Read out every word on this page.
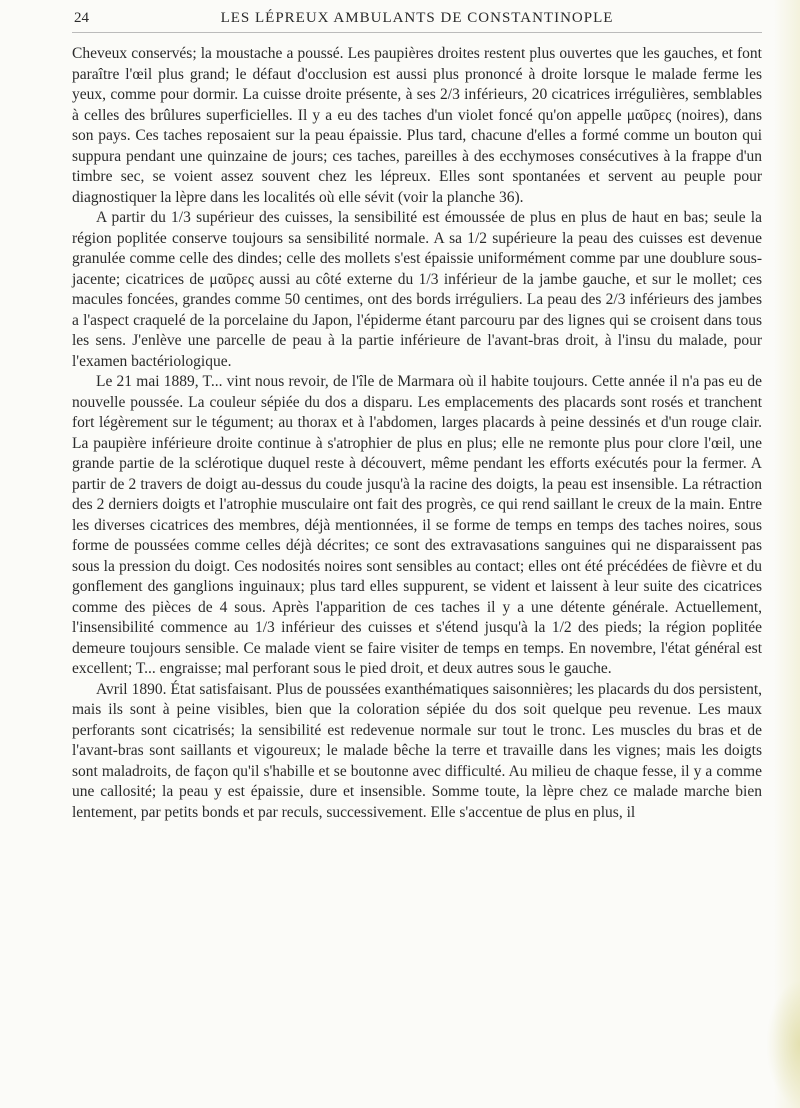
24	LES LÉPREUX AMBULANTS DE CONSTANTINOPLE

Cheveux conservés; la moustache a poussé. Les paupières droites restent plus ouvertes que les gauches, et font paraître l'œil plus grand; le défaut d'occlusion est aussi plus prononcé à droite lorsque le malade ferme les yeux, comme pour dormir. La cuisse droite présente, à ses 2/3 inférieurs, 20 cicatrices irrégulières, semblables à celles des brûlures superficielles. Il y a eu des taches d'un violet foncé qu'on appelle μαῦρες (noires), dans son pays. Ces taches reposaient sur la peau épaissie. Plus tard, chacune d'elles a formé comme un bouton qui suppura pendant une quinzaine de jours; ces taches, pareilles à des ecchymoses consécutives à la frappe d'un timbre sec, se voient assez souvent chez les lépreux. Elles sont spontanées et servent au peuple pour diagnostiquer la lèpre dans les localités où elle sévit (voir la planche 36).

A partir du 1/3 supérieur des cuisses, la sensibilité est émoussée de plus en plus de haut en bas; seule la région poplitée conserve toujours sa sensibilité normale. A sa 1/2 supérieure la peau des cuisses est devenue granulée comme celle des dindes; celle des mollets s'est épaissie uniformément comme par une doublure sous-jacente; cicatrices de μαῦρες aussi au côté externe du 1/3 inférieur de la jambe gauche, et sur le mollet; ces macules foncées, grandes comme 50 centimes, ont des bords irréguliers. La peau des 2/3 inférieurs des jambes a l'aspect craquelé de la porcelaine du Japon, l'épiderme étant parcouru par des lignes qui se croisent dans tous les sens. J'enlève une parcelle de peau à la partie inférieure de l'avant-bras droit, à l'insu du malade, pour l'examen bactériologique.

Le 21 mai 1889, T... vint nous revoir, de l'île de Marmara où il habite toujours. Cette année il n'a pas eu de nouvelle poussée. La couleur sépiée du dos a disparu. Les emplacements des placards sont rosés et tranchent fort légèrement sur le tégument; au thorax et à l'abdomen, larges placards à peine dessinés et d'un rouge clair. La paupière inférieure droite continue à s'atrophier de plus en plus; elle ne remonte plus pour clore l'œil, une grande partie de la sclérotique duquel reste à découvert, même pendant les efforts exécutés pour la fermer. A partir de 2 travers de doigt au-dessus du coude jusqu'à la racine des doigts, la peau est insensible. La rétraction des 2 derniers doigts et l'atrophie musculaire ont fait des progrès, ce qui rend saillant le creux de la main. Entre les diverses cicatrices des membres, déjà mentionnées, il se forme de temps en temps des taches noires, sous forme de poussées comme celles déjà décrites; ce sont des extravasations sanguines qui ne disparaissent pas sous la pression du doigt. Ces nodosités noires sont sensibles au contact; elles ont été précédées de fièvre et du gonflement des ganglions inguinaux; plus tard elles suppurent, se vident et laissent à leur suite des cicatrices comme des pièces de 4 sous. Après l'apparition de ces taches il y a une détente générale. Actuellement, l'insensibilité commence au 1/3 inférieur des cuisses et s'étend jusqu'à la 1/2 des pieds; la région poplitée demeure toujours sensible. Ce malade vient se faire visiter de temps en temps. En novembre, l'état général est excellent; T... engraisse; mal perforant sous le pied droit, et deux autres sous le gauche.

Avril 1890. État satisfaisant. Plus de poussées exanthématiques saisonnières; les placards du dos persistent, mais ils sont à peine visibles, bien que la coloration sépiée du dos soit quelque peu revenue. Les maux perforants sont cicatrisés; la sensibilité est redevenue normale sur tout le tronc. Les muscles du bras et de l'avant-bras sont saillants et vigoureux; le malade bêche la terre et travaille dans les vignes; mais les doigts sont maladroits, de façon qu'il s'habille et se boutonne avec difficulté. Au milieu de chaque fesse, il y a comme une callosité; la peau y est épaissie, dure et insensible. Somme toute, la lèpre chez ce malade marche bien lentement, par petits bonds et par reculs, successivement. Elle s'accentue de plus en plus, il
